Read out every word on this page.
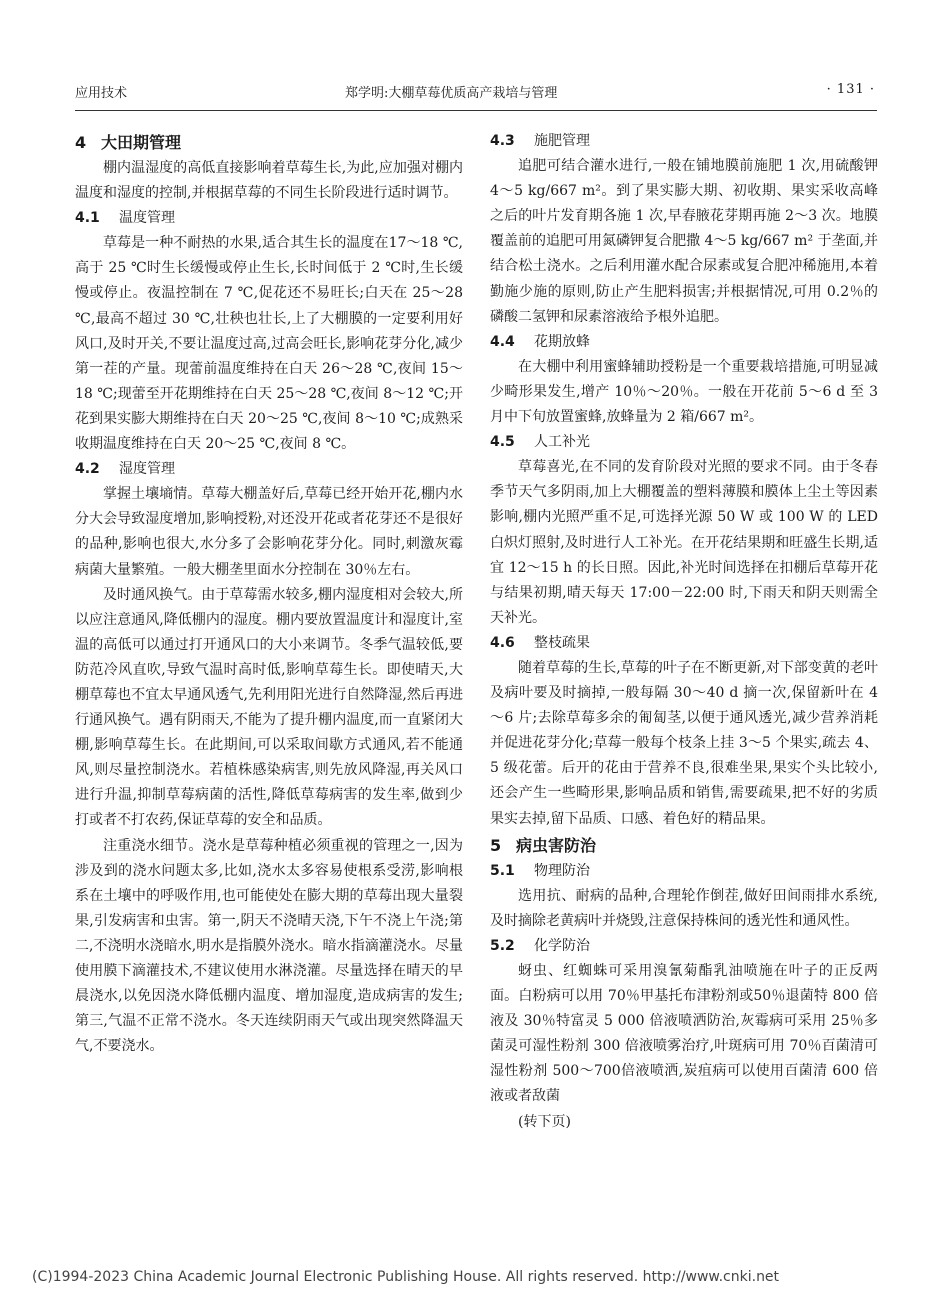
应用技术	郑学明:大棚草莓优质高产栽培与管理	· 131 ·
4 大田期管理

棚内温湿度的高低直接影响着草莓生长,为此,应加强对棚内温度和湿度的控制,并根据草莓的不同生长阶段进行适时调节。

4.1 温度管理

草莓是一种不耐热的水果,适合其生长的温度在17～18 ℃,高于 25 ℃时生长缓慢或停止生长,长时间低于 2 ℃时,生长缓慢或停止。夜温控制在 7 ℃,促花还不易旺长;白天在 25～28 ℃,最高不超过 30 ℃,壮秧也壮长,上了大棚膜的一定要利用好风口,及时开关,不要让温度过高,过高会旺长,影响花芽分化,减少第一茬的产量。现蕾前温度维持在白天 26～28 ℃,夜间 15～18 ℃;现蕾至开花期维持在白天 25～28 ℃,夜间 8～12 ℃;开花到果实膨大期维持在白天 20～25 ℃,夜间 8～10 ℃;成熟采收期温度维持在白天 20～25 ℃,夜间 8 ℃。

4.2 湿度管理

掌握土壤墒情。草莓大棚盖好后,草莓已经开始开花,棚内水分大会导致湿度增加,影响授粉,对还没开花或者花芽还不是很好的品种,影响也很大,水分多了会影响花芽分化。同时,刺激灰霉病菌大量繁殖。一般大棚垄里面水分控制在 30％左右。

及时通风换气。由于草莓需水较多,棚内湿度相对会较大,所以应注意通风,降低棚内的湿度。棚内要放置温度计和湿度计,室温的高低可以通过打开通风口的大小来调节。冬季气温较低,要防范冷风直吹,导致气温时高时低,影响草莓生长。即使晴天,大棚草莓也不宜太早通风透气,先利用阳光进行自然降湿,然后再进行通风换气。遇有阴雨天,不能为了提升棚内温度,而一直紧闭大棚,影响草莓生长。在此期间,可以采取间歇方式通风,若不能通风,则尽量控制浇水。若植株感染病害,则先放风降湿,再关风口进行升温,抑制草莓病菌的活性,降低草莓病害的发生率,做到少打或者不打农药,保证草莓的安全和品质。

注重浇水细节。浇水是草莓种植必须重视的管理之一,因为涉及到的浇水问题太多,比如,浇水太多容易使根系受涝,影响根系在土壤中的呼吸作用,也可能使处在膨大期的草莓出现大量裂果,引发病害和虫害。第一,阴天不浇晴天浇,下午不浇上午浇;第二,不浇明水浇暗水,明水是指膜外浇水。暗水指滴灌浇水。尽量使用膜下滴灌技术,不建议使用水淋浇灌。尽量选择在晴天的早晨浇水,以免因浇水降低棚内温度、增加湿度,造成病害的发生;第三,气温不正常不浇水。冬天连续阴雨天气或出现突然降温天气,不要浇水。

4.3 施肥管理

追肥可结合灌水进行,一般在铺地膜前施肥 1 次,用硫酸钾 4～5 kg/667 m²。到了果实膨大期、初收期、果实采收高峰之后的叶片发育期各施 1 次,早春腋花芽期再施 2～3 次。地膜覆盖前的追肥可用氮磷钾复合肥撒 4～5 kg/667 m² 于垄面,并结合松土浇水。之后利用灌水配合尿素或复合肥冲稀施用,本着勤施少施的原则,防止产生肥料损害;并根据情况,可用 0.2％的磷酸二氢钾和尿素溶液给予根外追肥。

4.4 花期放蜂

在大棚中利用蜜蜂辅助授粉是一个重要栽培措施,可明显减少畸形果发生,增产 10％～20％。一般在开花前 5～6 d 至 3 月中下旬放置蜜蜂,放蜂量为 2 箱/667 m²。

4.5 人工补光

草莓喜光,在不同的发育阶段对光照的要求不同。由于冬春季节天气多阴雨,加上大棚覆盖的塑料薄膜和膜体上尘土等因素影响,棚内光照严重不足,可选择光源 50 W 或 100 W 的 LED 白炽灯照射,及时进行人工补光。在开花结果期和旺盛生长期,适宜 12～15 h 的长日照。因此,补光时间选择在扣棚后草莓开花与结果初期,晴天每天 17:00－22:00 时,下雨天和阴天则需全天补光。

4.6 整枝疏果

随着草莓的生长,草莓的叶子在不断更新,对下部变黄的老叶及病叶要及时摘掉,一般每隔 30～40 d 摘一次,保留新叶在 4～6 片;去除草莓多余的匍匐茎,以便于通风透光,减少营养消耗并促进花芽分化;草莓一般每个枝条上挂 3～5 个果实,疏去 4、5 级花蕾。后开的花由于营养不良,很难坐果,果实个头比较小,还会产生一些畸形果,影响品质和销售,需要疏果,把不好的劣质果实去掉,留下品质、口感、着色好的精品果。

5 病虫害防治
5.1 物理防治

选用抗、耐病的品种,合理轮作倒茬,做好田间雨排水系统,及时摘除老黄病叶并烧毁,注意保持株间的透光性和通风性。

5.2 化学防治

蚜虫、红蜘蛛可采用溴氰菊酯乳油喷施在叶子的正反两面。白粉病可以用 70％甲基托布津粉剂或50％退菌特 800 倍液及 30％特富灵 5 000 倍液喷洒防治,灰霉病可采用 25％多菌灵可湿性粉剂 300 倍液喷雾治疗,叶斑病可用 70％百菌清可湿性粉剂 500～700倍液喷洒,炭疽病可以使用百菌清 600 倍液或者敌菌

(转下页)

(C)1994-2023 China Academic Journal Electronic Publishing House. All rights reserved. http://www.cnki.net
